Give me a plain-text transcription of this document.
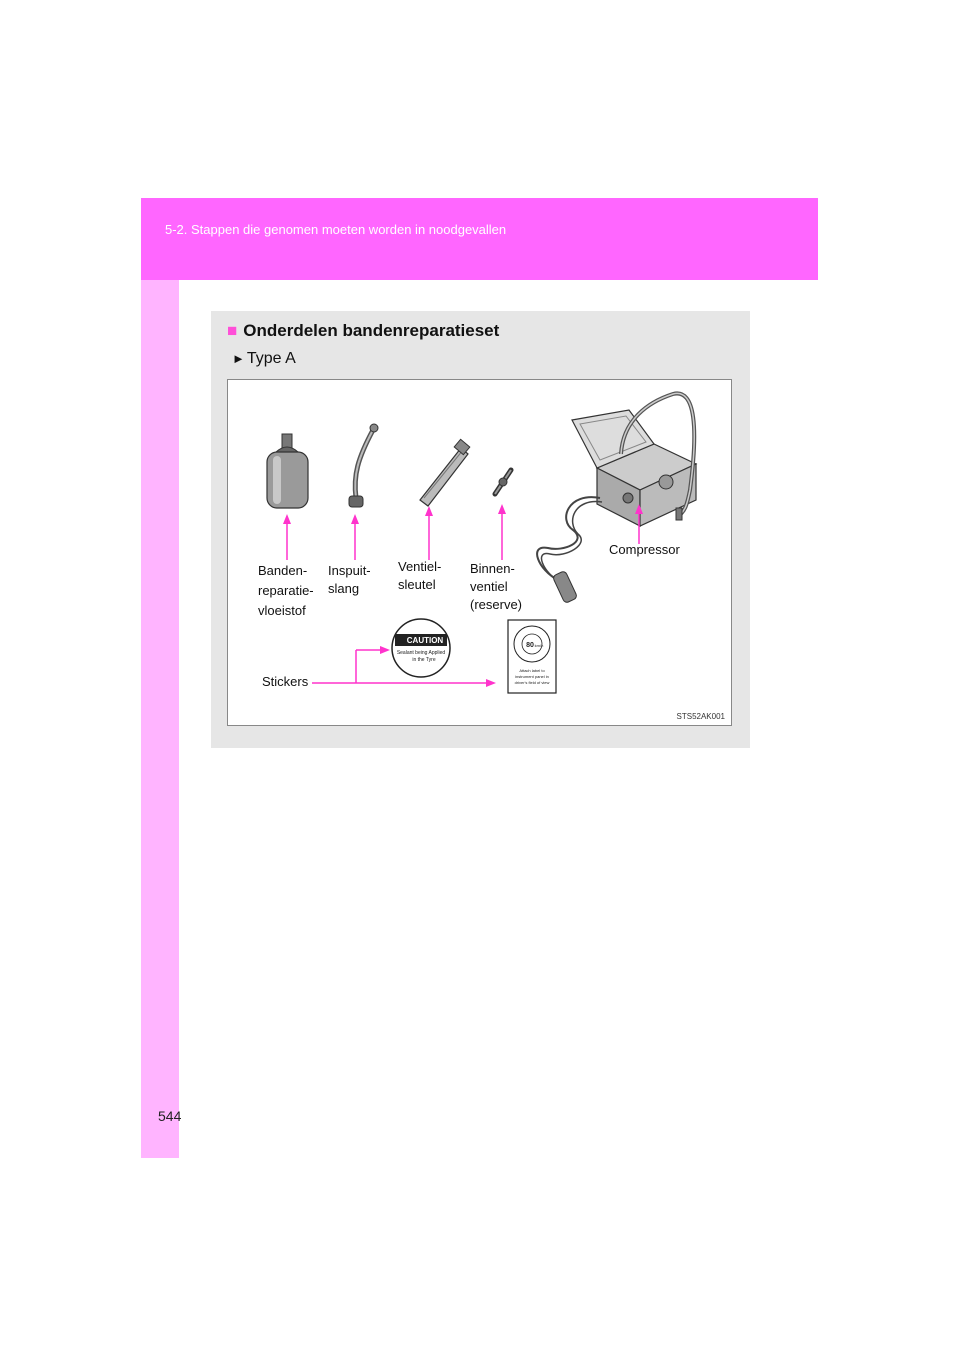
5-2. Stappen die genomen moeten worden in noodgevallen
■ Onderdelen bandenreparatieset
► Type A
CAUTION
Sealant being Applied
in the Tyre
80 km/h
Attach label to
instrument panel in
driver's field of view
Banden-
reparatie-
vloeistof
Inspuit-
slang
Ventiel-
sleutel
Binnen-
ventiel
(reserve)
Compressor
Stickers
STS52AK001
544
